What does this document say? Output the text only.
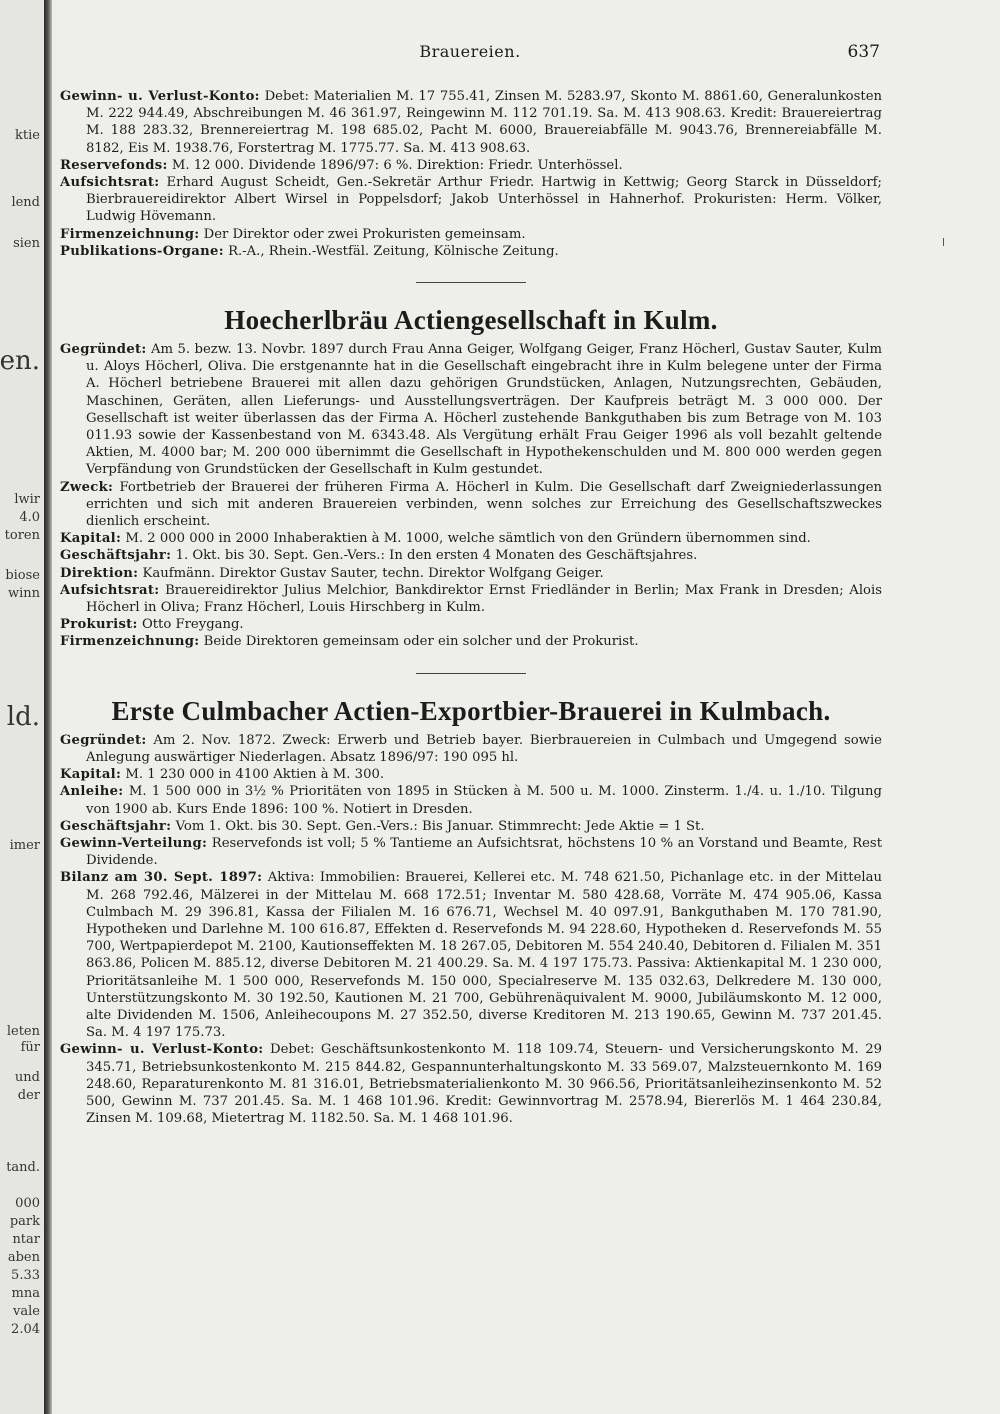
ktie
lend
sien
en.
lwir
4.0
toren
biose
winn
ld.
imer
leten
für
und
der
tand.
000
park
ntar
aben
5.33
mna
vale
2.04
Brauereien.	637

Gewinn- u. Verlust-Konto: Debet: Materialien M. 17 755.41, Zinsen M. 5283.97, Skonto M. 8861.60, Generalunkosten M. 222 944.49, Abschreibungen M. 46 361.97, Reingewinn M. 112 701.19. Sa. M. 413 908.63. Kredit: Brauereiertrag M. 188 283.32, Brennereiertrag M. 198 685.02, Pacht M. 6000, Brauereiabfälle M. 9043.76, Brennereiabfälle M. 8182, Eis M. 1938.76, Forstertrag M. 1775.77. Sa. M. 413 908.63.

Reservefonds: M. 12 000. Dividende 1896/97: 6 %. Direktion: Friedr. Unterhössel.

Aufsichtsrat: Erhard August Scheidt, Gen.-Sekretär Arthur Friedr. Hartwig in Kettwig; Georg Starck in Düsseldorf; Bierbrauereidirektor Albert Wirsel in Poppelsdorf; Jakob Unterhössel in Hahnerhof. Prokuristen: Herm. Völker, Ludwig Hövemann.

Firmenzeichnung: Der Direktor oder zwei Prokuristen gemeinsam.

Publikations-Organe: R.-A., Rhein.-Westfäl. Zeitung, Kölnische Zeitung.

Hoecherlbräu Actiengesellschaft in Kulm.

Gegründet: Am 5. bezw. 13. Novbr. 1897 durch Frau Anna Geiger, Wolfgang Geiger, Franz Höcherl, Gustav Sauter, Kulm u. Aloys Höcherl, Oliva. Die erstgenannte hat in die Gesellschaft eingebracht ihre in Kulm belegene unter der Firma A. Höcherl betriebene Brauerei mit allen dazu gehörigen Grundstücken, Anlagen, Nutzungsrechten, Gebäuden, Maschinen, Geräten, allen Lieferungs- und Ausstellungsverträgen. Der Kaufpreis beträgt M. 3 000 000. Der Gesellschaft ist weiter überlassen das der Firma A. Höcherl zustehende Bankguthaben bis zum Betrage von M. 103 011.93 sowie der Kassenbestand von M. 6343.48. Als Vergütung erhält Frau Geiger 1996 als voll bezahlt geltende Aktien, M. 4000 bar; M. 200 000 übernimmt die Gesellschaft in Hypothekenschulden und M. 800 000 werden gegen Verpfändung von Grundstücken der Gesellschaft in Kulm gestundet.

Zweck: Fortbetrieb der Brauerei der früheren Firma A. Höcherl in Kulm. Die Gesellschaft darf Zweigniederlassungen errichten und sich mit anderen Brauereien verbinden, wenn solches zur Erreichung des Gesellschaftszweckes dienlich erscheint.

Kapital: M. 2 000 000 in 2000 Inhaberaktien à M. 1000, welche sämtlich von den Gründern übernommen sind.

Geschäftsjahr: 1. Okt. bis 30. Sept. Gen.-Vers.: In den ersten 4 Monaten des Geschäftsjahres.

Direktion: Kaufmänn. Direktor Gustav Sauter, techn. Direktor Wolfgang Geiger.

Aufsichtsrat: Brauereidirektor Julius Melchior, Bankdirektor Ernst Friedländer in Berlin; Max Frank in Dresden; Alois Höcherl in Oliva; Franz Höcherl, Louis Hirschberg in Kulm.

Prokurist: Otto Freygang.

Firmenzeichnung: Beide Direktoren gemeinsam oder ein solcher und der Prokurist.

Erste Culmbacher Actien-Exportbier-Brauerei in Kulmbach.

Gegründet: Am 2. Nov. 1872. Zweck: Erwerb und Betrieb bayer. Bierbrauereien in Culmbach und Umgegend sowie Anlegung auswärtiger Niederlagen. Absatz 1896/97: 190 095 hl.

Kapital: M. 1 230 000 in 4100 Aktien à M. 300.

Anleihe: M. 1 500 000 in 3½ % Prioritäten von 1895 in Stücken à M. 500 u. M. 1000. Zinsterm. 1./4. u. 1./10. Tilgung von 1900 ab. Kurs Ende 1896: 100 %. Notiert in Dresden.

Geschäftsjahr: Vom 1. Okt. bis 30. Sept. Gen.-Vers.: Bis Januar. Stimmrecht: Jede Aktie = 1 St.

Gewinn-Verteilung: Reservefonds ist voll; 5 % Tantieme an Aufsichtsrat, höchstens 10 % an Vorstand und Beamte, Rest Dividende.

Bilanz am 30. Sept. 1897: Aktiva: Immobilien: Brauerei, Kellerei etc. M. 748 621.50, Pichanlage etc. in der Mittelau M. 268 792.46, Mälzerei in der Mittelau M. 668 172.51; Inventar M. 580 428.68, Vorräte M. 474 905.06, Kassa Culmbach M. 29 396.81, Kassa der Filialen M. 16 676.71, Wechsel M. 40 097.91, Bankguthaben M. 170 781.90, Hypotheken und Darlehne M. 100 616.87, Effekten d. Reservefonds M. 94 228.60, Hypotheken d. Reservefonds M. 55 700, Wertpapierdepot M. 2100, Kautionseffekten M. 18 267.05, Debitoren M. 554 240.40, Debitoren d. Filialen M. 351 863.86, Policen M. 885.12, diverse Debitoren M. 21 400.29. Sa. M. 4 197 175.73. Passiva: Aktienkapital M. 1 230 000, Prioritätsanleihe M. 1 500 000, Reservefonds M. 150 000, Specialreserve M. 135 032.63, Delkredere M. 130 000, Unterstützungskonto M. 30 192.50, Kautionen M. 21 700, Gebührenäquivalent M. 9000, Jubiläumskonto M. 12 000, alte Dividenden M. 1506, Anleihecoupons M. 27 352.50, diverse Kreditoren M. 213 190.65, Gewinn M. 737 201.45. Sa. M. 4 197 175.73.

Gewinn- u. Verlust-Konto: Debet: Geschäftsunkostenkonto M. 118 109.74, Steuern- und Versicherungskonto M. 29 345.71, Betriebsunkostenkonto M. 215 844.82, Gespannunterhaltungskonto M. 33 569.07, Malzsteuernkonto M. 169 248.60, Reparaturenkonto M. 81 316.01, Betriebsmaterialienkonto M. 30 966.56, Prioritätsanleihezinsenkonto M. 52 500, Gewinn M. 737 201.45. Sa. M. 1 468 101.96. Kredit: Gewinnvortrag M. 2578.94, Biererlös M. 1 464 230.84, Zinsen M. 109.68, Mietertrag M. 1182.50. Sa. M. 1 468 101.96.
